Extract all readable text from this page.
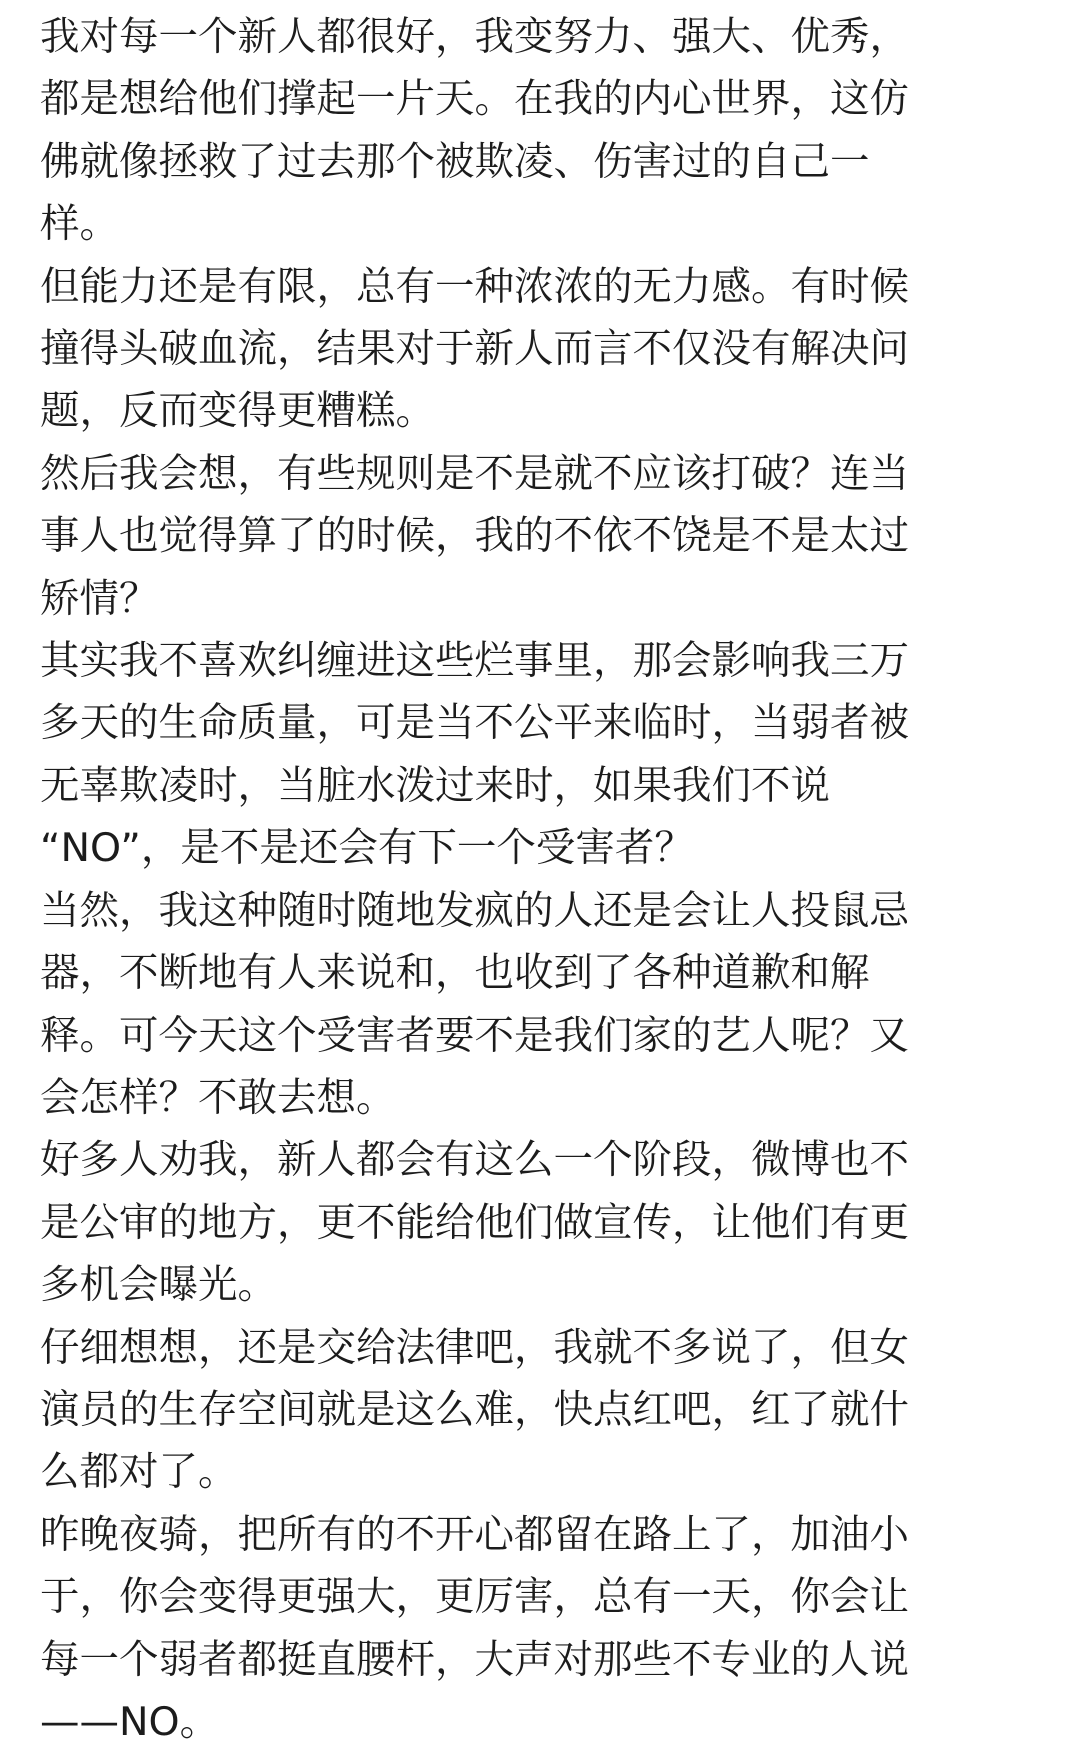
我对每一个新人都很好，我变努力、强大、优秀，
都是想给他们撑起一片天。在我的内心世界，这仿
佛就像拯救了过去那个被欺凌、伤害过的自己一
样。

但能力还是有限，总有一种浓浓的无力感。有时候
撞得头破血流，结果对于新人而言不仅没有解决问
题，反而变得更糟糕。

然后我会想，有些规则是不是就不应该打破？连当
事人也觉得算了的时候，我的不依不饶是不是太过
矫情？

其实我不喜欢纠缠进这些烂事里，那会影响我三万
多天的生命质量，可是当不公平来临时，当弱者被
无辜欺凌时，当脏水泼过来时，如果我们不说
“NO”，是不是还会有下一个受害者？

当然，我这种随时随地发疯的人还是会让人投鼠忌
器，不断地有人来说和，也收到了各种道歉和解
释。可今天这个受害者要不是我们家的艺人呢？又
会怎样？不敢去想。

好多人劝我，新人都会有这么一个阶段，微博也不
是公审的地方，更不能给他们做宣传，让他们有更
多机会曝光。

仔细想想，还是交给法律吧，我就不多说了，但女
演员的生存空间就是这么难，快点红吧，红了就什
么都对了。

昨晚夜骑，把所有的不开心都留在路上了，加油小
于，你会变得更强大，更厉害，总有一天，你会让
每一个弱者都挺直腰杆，大声对那些不专业的人说
——NO。
